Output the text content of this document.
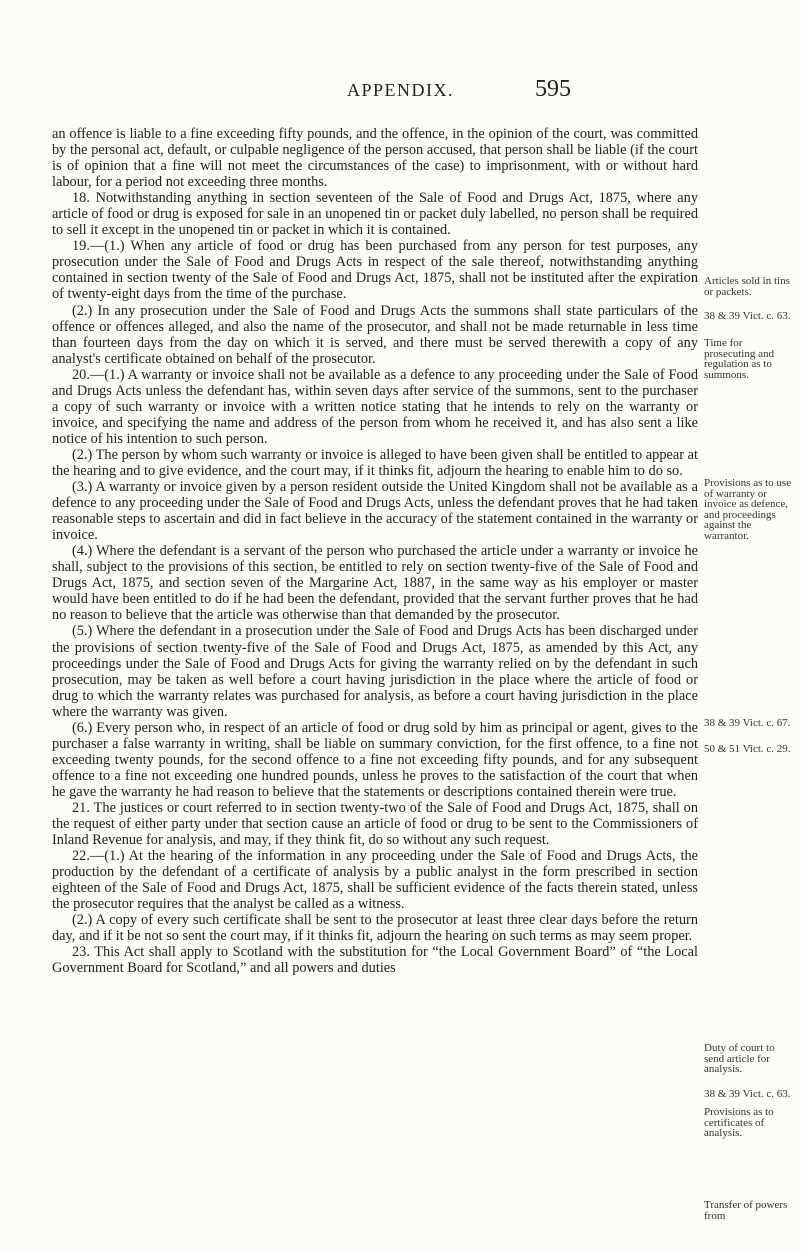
APPENDIX.	595

an offence is liable to a fine exceeding fifty pounds, and the offence, in the opinion of the court, was committed by the personal act, default, or culpable negligence of the person accused, that person shall be liable (if the court is of opinion that a fine will not meet the circumstances of the case) to imprisonment, with or without hard labour, for a period not exceeding three months.

18. Notwithstanding anything in section seventeen of the Sale of Food and Drugs Act, 1875, where any article of food or drug is exposed for sale in an unopened tin or packet duly labelled, no person shall be required to sell it except in the unopened tin or packet in which it is contained.

19.—(1.) When any article of food or drug has been purchased from any person for test purposes, any prosecution under the Sale of Food and Drugs Acts in respect of the sale thereof, notwithstanding anything contained in section twenty of the Sale of Food and Drugs Act, 1875, shall not be instituted after the expiration of twenty-eight days from the time of the purchase.

(2.) In any prosecution under the Sale of Food and Drugs Acts the summons shall state particulars of the offence or offences alleged, and also the name of the prosecutor, and shall not be made returnable in less time than fourteen days from the day on which it is served, and there must be served therewith a copy of any analyst's certificate obtained on behalf of the prosecutor.

20.—(1.) A warranty or invoice shall not be available as a defence to any proceeding under the Sale of Food and Drugs Acts unless the defendant has, within seven days after service of the summons, sent to the purchaser a copy of such warranty or invoice with a written notice stating that he intends to rely on the warranty or invoice, and specifying the name and address of the person from whom he received it, and has also sent a like notice of his intention to such person.

(2.) The person by whom such warranty or invoice is alleged to have been given shall be entitled to appear at the hearing and to give evidence, and the court may, if it thinks fit, adjourn the hearing to enable him to do so.

(3.) A warranty or invoice given by a person resident outside the United Kingdom shall not be available as a defence to any proceeding under the Sale of Food and Drugs Acts, unless the defendant proves that he had taken reasonable steps to ascertain and did in fact believe in the accuracy of the statement contained in the warranty or invoice.

(4.) Where the defendant is a servant of the person who purchased the article under a warranty or invoice he shall, subject to the provisions of this section, be entitled to rely on section twenty-five of the Sale of Food and Drugs Act, 1875, and section seven of the Margarine Act, 1887, in the same way as his employer or master would have been entitled to do if he had been the defendant, provided that the servant further proves that he had no reason to believe that the article was otherwise than that demanded by the prosecutor.

(5.) Where the defendant in a prosecution under the Sale of Food and Drugs Acts has been discharged under the provisions of section twenty-five of the Sale of Food and Drugs Act, 1875, as amended by this Act, any proceedings under the Sale of Food and Drugs Acts for giving the warranty relied on by the defendant in such prosecution, may be taken as well before a court having jurisdiction in the place where the article of food or drug to which the warranty relates was purchased for analysis, as before a court having jurisdiction in the place where the warranty was given.

(6.) Every person who, in respect of an article of food or drug sold by him as principal or agent, gives to the purchaser a false warranty in writing, shall be liable on summary conviction, for the first offence, to a fine not exceeding twenty pounds, for the second offence to a fine not exceeding fifty pounds, and for any subsequent offence to a fine not exceeding one hundred pounds, unless he proves to the satisfaction of the court that when he gave the warranty he had reason to believe that the statements or descriptions contained therein were true.

21. The justices or court referred to in section twenty-two of the Sale of Food and Drugs Act, 1875, shall on the request of either party under that section cause an article of food or drug to be sent to the Commissioners of Inland Revenue for analysis, and may, if they think fit, do so without any such request.

22.—(1.) At the hearing of the information in any proceeding under the Sale of Food and Drugs Acts, the production by the defendant of a certificate of analysis by a public analyst in the form prescribed in section eighteen of the Sale of Food and Drugs Act, 1875, shall be sufficient evidence of the facts therein stated, unless the prosecutor requires that the analyst be called as a witness.

(2.) A copy of every such certificate shall be sent to the prosecutor at least three clear days before the return day, and if it be not so sent the court may, if it thinks fit, adjourn the hearing on such terms as may seem proper.

23. This Act shall apply to Scotland with the substitution for “the Local Government Board” of “the Local Government Board for Scotland,” and all powers and duties

Articles sold in tins or packets.
38 & 39 Vict. c. 63.
Time for prosecuting and regulation as to summons.
Provisions as to use of warranty or invoice as defence, and proceedings against the warrantor.
38 & 39 Vict. c. 67.
50 & 51 Vict. c. 29.
Duty of court to send article for analysis.
38 & 39 Vict. c. 63.
Provisions as to certificates of analysis.
Transfer of powers from
